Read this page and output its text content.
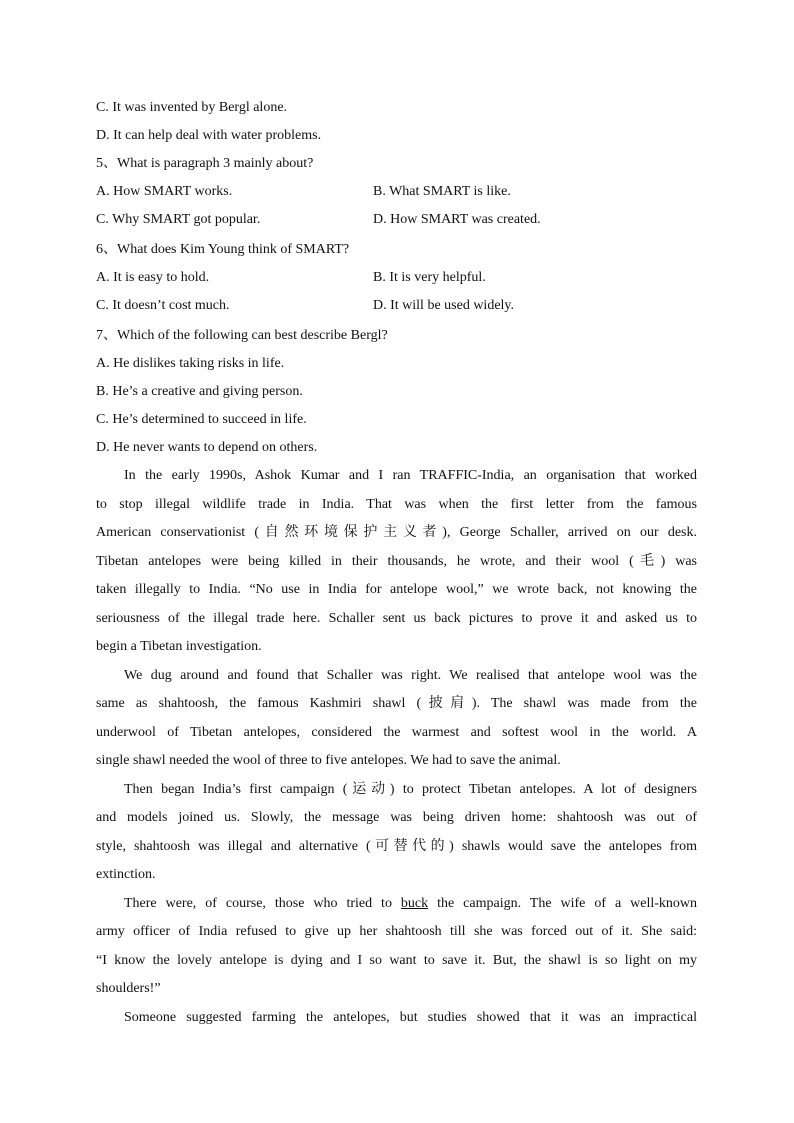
C. It was invented by Bergl alone.
D. It can help deal with water problems.
5、What is paragraph 3 mainly about?
A. How SMART works.	B. What SMART is like.
C. Why SMART got popular.	D. How SMART was created.
6、What does Kim Young think of SMART?
A. It is easy to hold.	B. It is very helpful.
C. It doesn’t cost much.	D. It will be used widely.
7、Which of the following can best describe Bergl?
A. He dislikes taking risks in life.
B. He’s a creative and giving person.
C. He’s determined to succeed in life.
D. He never wants to depend on others.

In the early 1990s, Ashok Kumar and I ran TRAFFIC-India, an organisation that worked
to stop illegal wildlife trade in India. That was when the first letter from the famous
American conservationist (自然环境保护主义者), George Schaller, arrived on our desk.
Tibetan antelopes were being killed in their thousands, he wrote, and their wool (毛) was
taken illegally to India. “No use in India for antelope wool,” we wrote back, not knowing the
seriousness of the illegal trade here. Schaller sent us back pictures to prove it and asked us to
begin a Tibetan investigation.

We dug around and found that Schaller was right. We realised that antelope wool was the
same as shahtoosh, the famous Kashmiri shawl (披肩). The shawl was made from the
underwool of Tibetan antelopes, considered the warmest and softest wool in the world. A
single shawl needed the wool of three to five antelopes. We had to save the animal.

Then began India’s first campaign (运动) to protect Tibetan antelopes. A lot of designers
and models joined us. Slowly, the message was being driven home: shahtoosh was out of
style, shahtoosh was illegal and alternative (可替代的) shawls would save the antelopes from
extinction.

There were, of course, those who tried to buck the campaign. The wife of a well-known
army officer of India refused to give up her shahtoosh till she was forced out of it. She said:
“I know the lovely antelope is dying and I so want to save it. But, the shawl is so light on my
shoulders!”

Someone suggested farming the antelopes, but studies showed that it was an impractical
